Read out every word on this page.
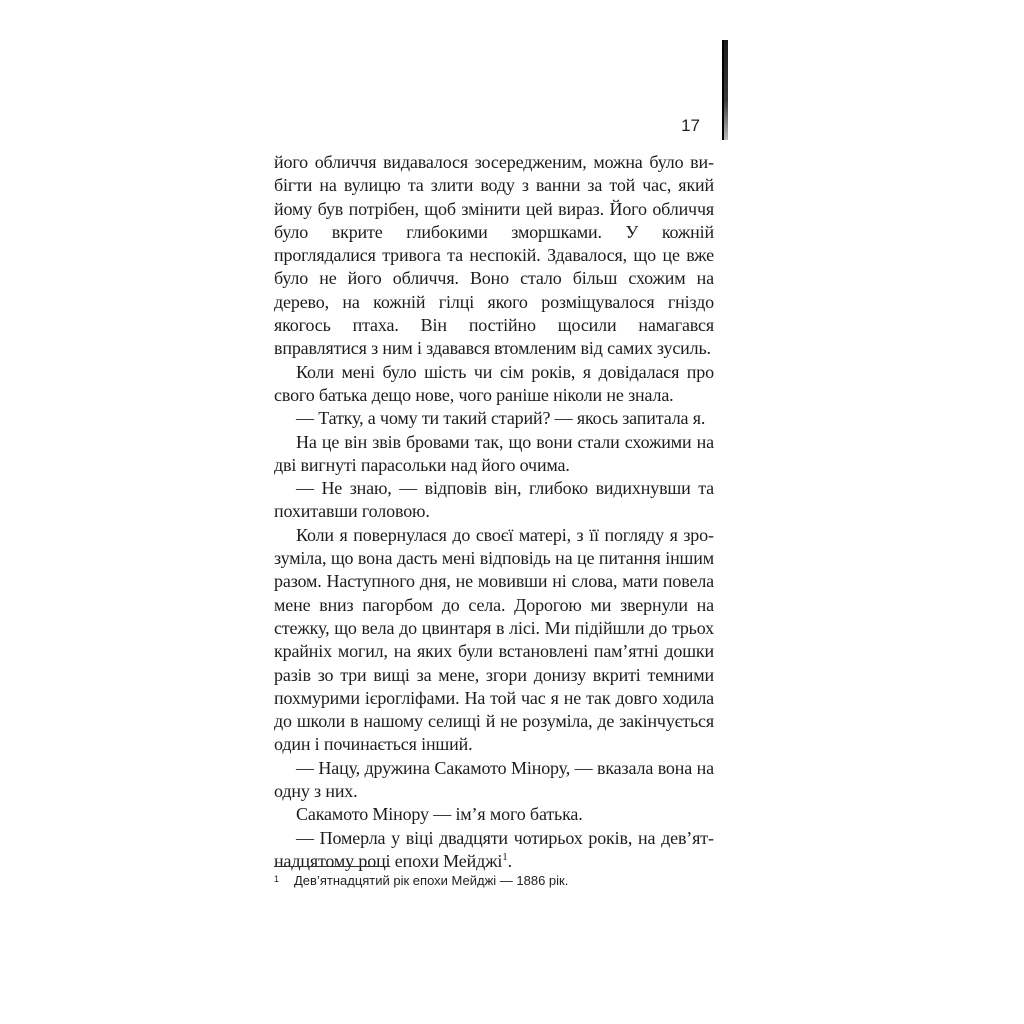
17

його обличчя видавалося зосередженим, можна було вибігти на вулицю та злити воду з ванни за той час, який йому був потрібен, щоб змінити цей вираз. Його обличчя було вкрите глибокими зморшками. У кожній проглядалися тривога та неспокій. Здавалося, що це вже було не його обличчя. Воно стало більш схожим на дерево, на кожній гілці якого розміщувалося гніздо якогось птаха. Він постійно щосили намагався вправлятися з ним і здавався втомленим від самих зусиль.

Коли мені було шість чи сім років, я довідалася про свого батька дещо нове, чого раніше ніколи не знала.

— Татку, а чому ти такий старий? — якось запитала я.

На це він звів бровами так, що вони стали схожими на дві вигнуті парасольки над його очима.

— Не знаю, — відповів він, глибоко видихнувши та похитавши головою.

Коли я повернулася до своєї матері, з її погляду я зрозуміла, що вона дасть мені відповідь на це питання іншим разом. Наступного дня, не мовивши ні слова, мати повела мене вниз пагорбом до села. Дорогою ми звернули на стежку, що вела до цвинтаря в лісі. Ми підійшли до трьох крайніх могил, на яких були встановлені пам’ятні дошки разів зо три вищі за мене, згори донизу вкриті темними похмурими ієрогліфами. На той час я не так довго ходила до школи в нашому селищі й не розуміла, де закінчується один і починається інший.

— Нацу, дружина Сакамото Мінору, — вказала вона на одну з них.

Сакамото Мінору — ім’я мого батька.

— Померла у віці двадцяти чотирьох років, на дев’ятнадцятому році епохи Мейджі$^1$.

1 Дев’ятнадцятий рік епохи Мейджі — 1886 рік.
